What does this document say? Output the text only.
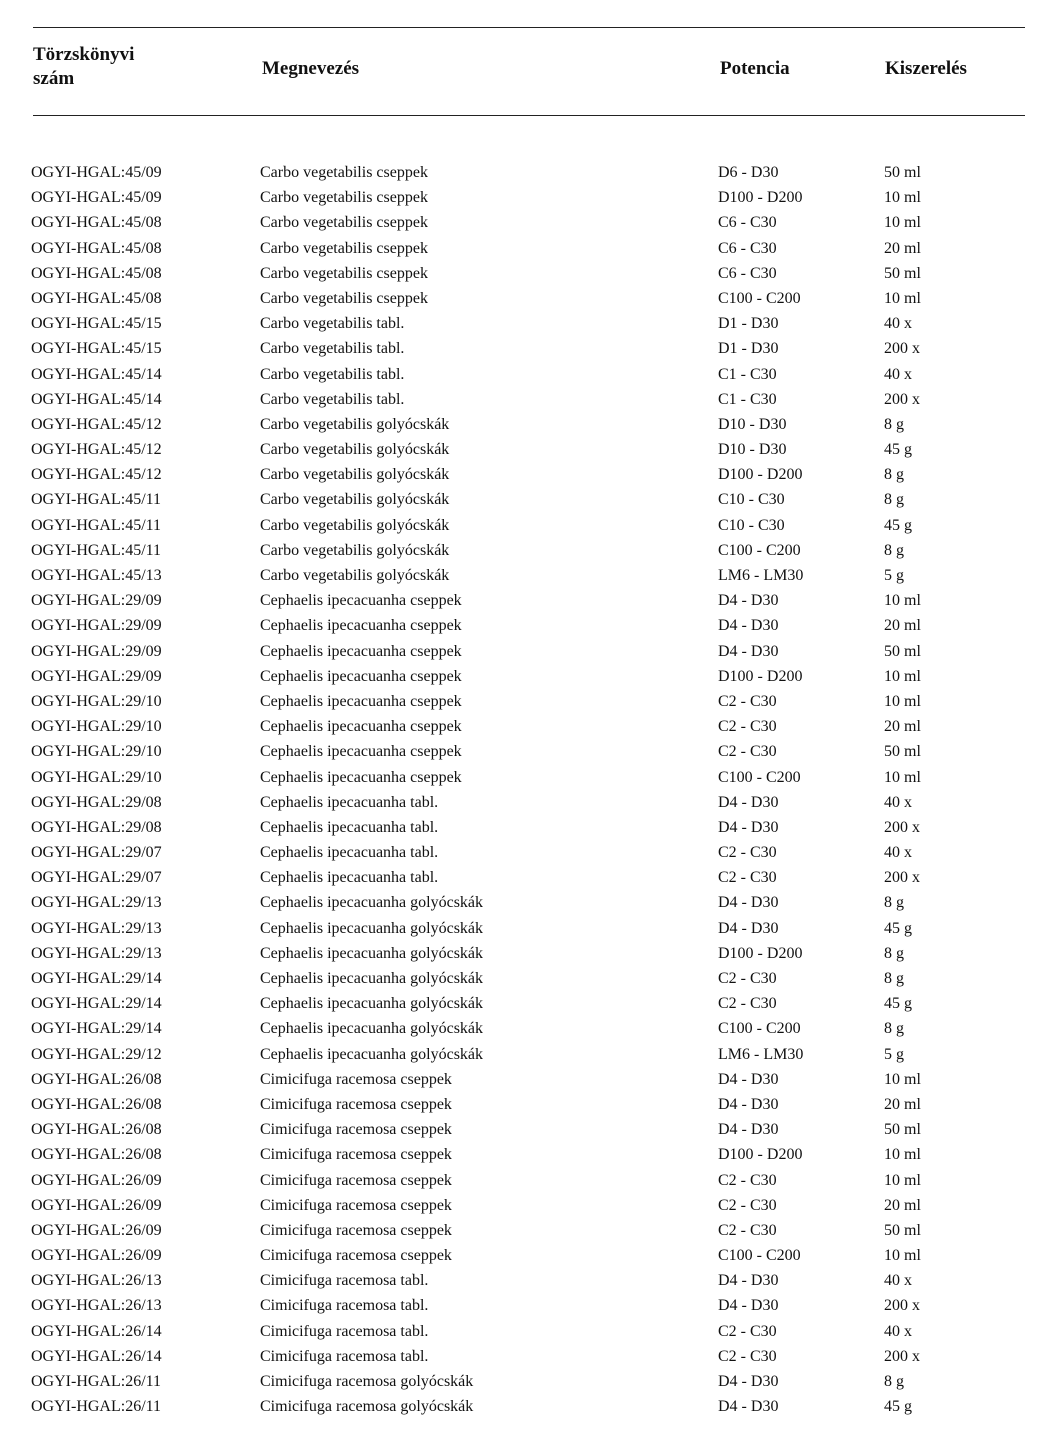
Törzskönyvi
szám	Megnevezés	Potencia	Kiszerelés
OGYI-HGAL:45/09	Carbo vegetabilis cseppek	D6 - D30	50 ml
OGYI-HGAL:45/09	Carbo vegetabilis cseppek	D100 - D200	10 ml
OGYI-HGAL:45/08	Carbo vegetabilis cseppek	C6 - C30	10 ml
OGYI-HGAL:45/08	Carbo vegetabilis cseppek	C6 - C30	20 ml
OGYI-HGAL:45/08	Carbo vegetabilis cseppek	C6 - C30	50 ml
OGYI-HGAL:45/08	Carbo vegetabilis cseppek	C100 - C200	10 ml
OGYI-HGAL:45/15	Carbo vegetabilis tabl.	D1 - D30	40 x
OGYI-HGAL:45/15	Carbo vegetabilis tabl.	D1 - D30	200 x
OGYI-HGAL:45/14	Carbo vegetabilis tabl.	C1 - C30	40 x
OGYI-HGAL:45/14	Carbo vegetabilis tabl.	C1 - C30	200 x
OGYI-HGAL:45/12	Carbo vegetabilis golyócskák	D10 - D30	8 g
OGYI-HGAL:45/12	Carbo vegetabilis golyócskák	D10 - D30	45 g
OGYI-HGAL:45/12	Carbo vegetabilis golyócskák	D100 - D200	8 g
OGYI-HGAL:45/11	Carbo vegetabilis golyócskák	C10 - C30	8 g
OGYI-HGAL:45/11	Carbo vegetabilis golyócskák	C10 - C30	45 g
OGYI-HGAL:45/11	Carbo vegetabilis golyócskák	C100 - C200	8 g
OGYI-HGAL:45/13	Carbo vegetabilis golyócskák	LM6 - LM30	5 g
OGYI-HGAL:29/09	Cephaelis ipecacuanha cseppek	D4 - D30	10 ml
OGYI-HGAL:29/09	Cephaelis ipecacuanha cseppek	D4 - D30	20 ml
OGYI-HGAL:29/09	Cephaelis ipecacuanha cseppek	D4 - D30	50 ml
OGYI-HGAL:29/09	Cephaelis ipecacuanha cseppek	D100 - D200	10 ml
OGYI-HGAL:29/10	Cephaelis ipecacuanha cseppek	C2 - C30	10 ml
OGYI-HGAL:29/10	Cephaelis ipecacuanha cseppek	C2 - C30	20 ml
OGYI-HGAL:29/10	Cephaelis ipecacuanha cseppek	C2 - C30	50 ml
OGYI-HGAL:29/10	Cephaelis ipecacuanha cseppek	C100 - C200	10 ml
OGYI-HGAL:29/08	Cephaelis ipecacuanha tabl.	D4 - D30	40 x
OGYI-HGAL:29/08	Cephaelis ipecacuanha tabl.	D4 - D30	200 x
OGYI-HGAL:29/07	Cephaelis ipecacuanha tabl.	C2 - C30	40 x
OGYI-HGAL:29/07	Cephaelis ipecacuanha tabl.	C2 - C30	200 x
OGYI-HGAL:29/13	Cephaelis ipecacuanha golyócskák	D4 - D30	8 g
OGYI-HGAL:29/13	Cephaelis ipecacuanha golyócskák	D4 - D30	45 g
OGYI-HGAL:29/13	Cephaelis ipecacuanha golyócskák	D100 - D200	8 g
OGYI-HGAL:29/14	Cephaelis ipecacuanha golyócskák	C2 - C30	8 g
OGYI-HGAL:29/14	Cephaelis ipecacuanha golyócskák	C2 - C30	45 g
OGYI-HGAL:29/14	Cephaelis ipecacuanha golyócskák	C100 - C200	8 g
OGYI-HGAL:29/12	Cephaelis ipecacuanha golyócskák	LM6 - LM30	5 g
OGYI-HGAL:26/08	Cimicifuga racemosa cseppek	D4 - D30	10 ml
OGYI-HGAL:26/08	Cimicifuga racemosa cseppek	D4 - D30	20 ml
OGYI-HGAL:26/08	Cimicifuga racemosa cseppek	D4 - D30	50 ml
OGYI-HGAL:26/08	Cimicifuga racemosa cseppek	D100 - D200	10 ml
OGYI-HGAL:26/09	Cimicifuga racemosa cseppek	C2 - C30	10 ml
OGYI-HGAL:26/09	Cimicifuga racemosa cseppek	C2 - C30	20 ml
OGYI-HGAL:26/09	Cimicifuga racemosa cseppek	C2 - C30	50 ml
OGYI-HGAL:26/09	Cimicifuga racemosa cseppek	C100 - C200	10 ml
OGYI-HGAL:26/13	Cimicifuga racemosa tabl.	D4 - D30	40 x
OGYI-HGAL:26/13	Cimicifuga racemosa tabl.	D4 - D30	200 x
OGYI-HGAL:26/14	Cimicifuga racemosa tabl.	C2 - C30	40 x
OGYI-HGAL:26/14	Cimicifuga racemosa tabl.	C2 - C30	200 x
OGYI-HGAL:26/11	Cimicifuga racemosa golyócskák	D4 - D30	8 g
OGYI-HGAL:26/11	Cimicifuga racemosa golyócskák	D4 - D30	45 g
